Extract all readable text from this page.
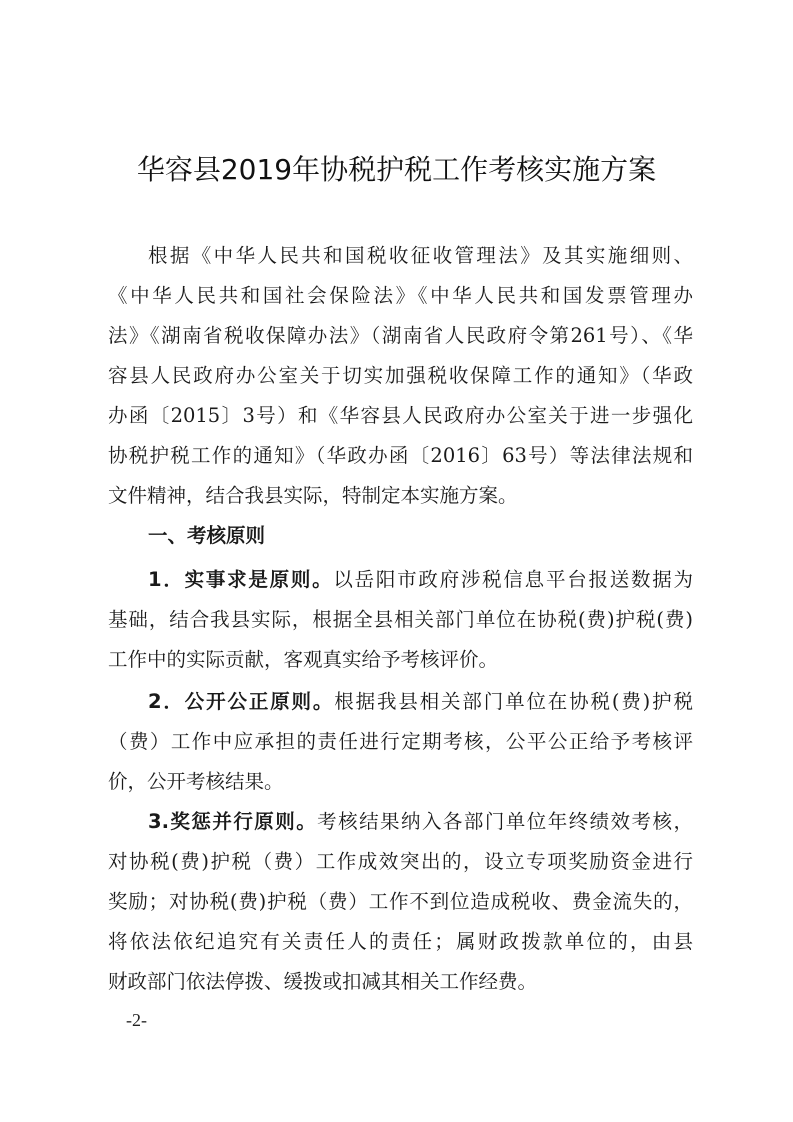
华容县2019年协税护税工作考核实施方案
根据《中华人民共和国税收征收管理法》及其实施细则、
《中华人民共和国社会保险法》《中华人民共和国发票管理办
法》《湖南省税收保障办法》（湖南省人民政府令第261号）、《华
容县人民政府办公室关于切实加强税收保障工作的通知》（华政
办函〔2015〕3号）和《华容县人民政府办公室关于进一步强化
协税护税工作的通知》（华政办函〔2016〕63号）等法律法规和
文件精神，结合我县实际，特制定本实施方案。
一、考核原则
1．实事求是原则。以岳阳市政府涉税信息平台报送数据为
基础，结合我县实际，根据全县相关部门单位在协税(费)护税(费)
工作中的实际贡献，客观真实给予考核评价。
2．公开公正原则。根据我县相关部门单位在协税(费)护税
（费）工作中应承担的责任进行定期考核，公平公正给予考核评
价，公开考核结果。
3.奖惩并行原则。考核结果纳入各部门单位年终绩效考核，
对协税(费)护税（费）工作成效突出的，设立专项奖励资金进行
奖励；对协税(费)护税（费）工作不到位造成税收、费金流失的，
将依法依纪追究有关责任人的责任；属财政拨款单位的，由县
财政部门依法停拨、缓拨或扣减其相关工作经费。
-2-
